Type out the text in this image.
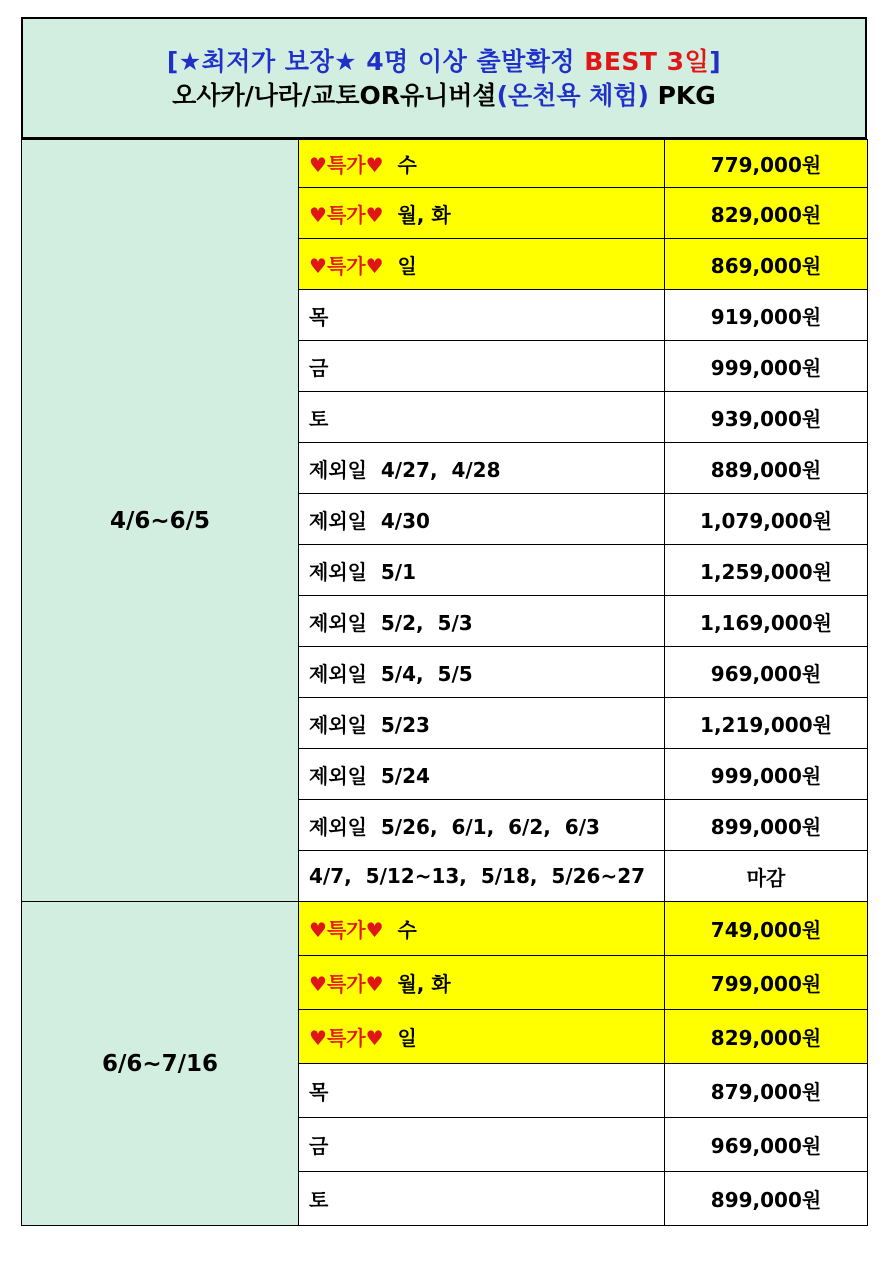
[★최저가 보장★ 4명 이상 출발확정 BEST 3일]
오사카/나라/교토OR유니버셜(온천욕 체험) PKG
4/6~6/5	♥특가♥ 수	779,000원
	♥특가♥ 월, 화	829,000원
	♥특가♥ 일	869,000원
	목	919,000원
	금	999,000원
	토	939,000원
	제외일  4/27,  4/28	889,000원
	제외일  4/30	1,079,000원
	제외일  5/1	1,259,000원
	제외일  5/2,  5/3	1,169,000원
	제외일  5/4,  5/5	969,000원
	제외일  5/23	1,219,000원
	제외일  5/24	999,000원
	제외일  5/26,  6/1,  6/2,  6/3	899,000원
	4/7,  5/12~13,  5/18,  5/26~27	마감
6/6~7/16	♥특가♥ 수	749,000원
	♥특가♥ 월, 화	799,000원
	♥특가♥ 일	829,000원
	목	879,000원
	금	969,000원
	토	899,000원
